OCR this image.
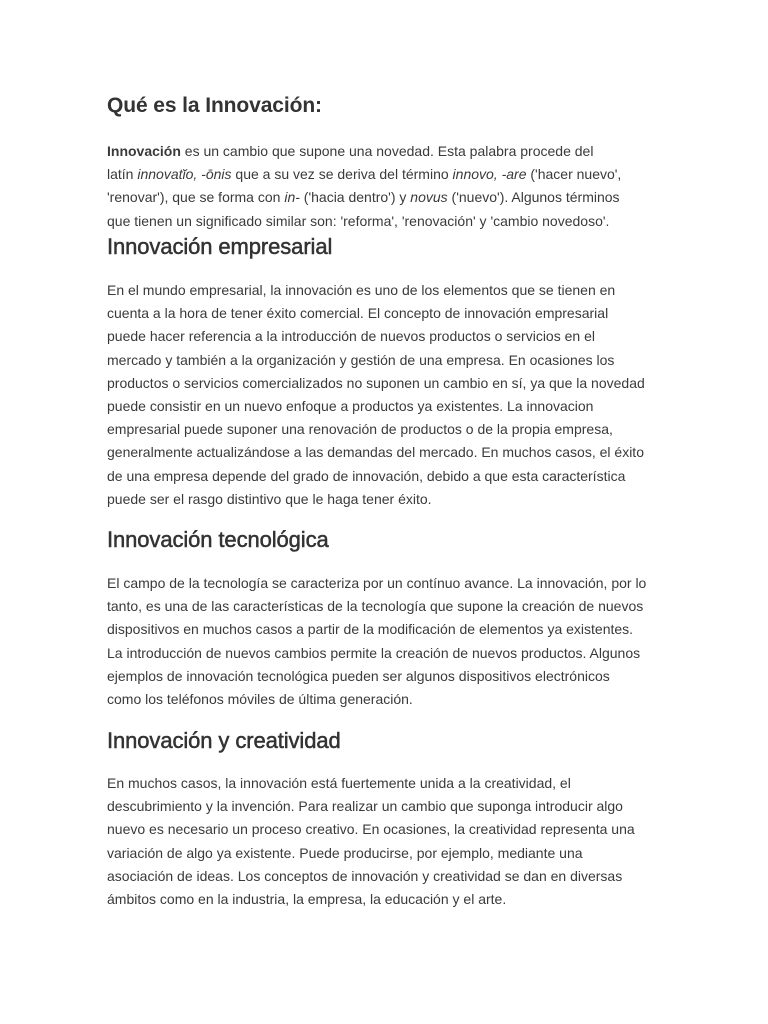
Qué es la Innovación:

Innovación es un cambio que supone una novedad. Esta palabra procede del
latín innovatĭo, -ōnis que a su vez se deriva del término innovo, -are ('hacer nuevo',
'renovar'), que se forma con in- ('hacia dentro') y novus ('nuevo'). Algunos términos
que tienen un significado similar son: 'reforma', 'renovación' y 'cambio novedoso'.

Innovación empresarial

En el mundo empresarial, la innovación es uno de los elementos que se tienen en
cuenta a la hora de tener éxito comercial. El concepto de innovación empresarial
puede hacer referencia a la introducción de nuevos productos o servicios en el
mercado y también a la organización y gestión de una empresa. En ocasiones los
productos o servicios comercializados no suponen un cambio en sí, ya que la novedad
puede consistir en un nuevo enfoque a productos ya existentes. La innovacion
empresarial puede suponer una renovación de productos o de la propia empresa,
generalmente actualizándose a las demandas del mercado. En muchos casos, el éxito
de una empresa depende del grado de innovación, debido a que esta característica
puede ser el rasgo distintivo que le haga tener éxito.

Innovación tecnológica

El campo de la tecnología se caracteriza por un contínuo avance. La innovación, por lo
tanto, es una de las características de la tecnología que supone la creación de nuevos
dispositivos en muchos casos a partir de la modificación de elementos ya existentes.
La introducción de nuevos cambios permite la creación de nuevos productos. Algunos
ejemplos de innovación tecnológica pueden ser algunos dispositivos electrónicos
como los teléfonos móviles de última generación.

Innovación y creatividad

En muchos casos, la innovación está fuertemente unida a la creatividad, el
descubrimiento y la invención. Para realizar un cambio que suponga introducir algo
nuevo es necesario un proceso creativo. En ocasiones, la creatividad representa una
variación de algo ya existente. Puede producirse, por ejemplo, mediante una
asociación de ideas. Los conceptos de innovación y creatividad se dan en diversas
ámbitos como en la industria, la empresa, la educación y el arte.
